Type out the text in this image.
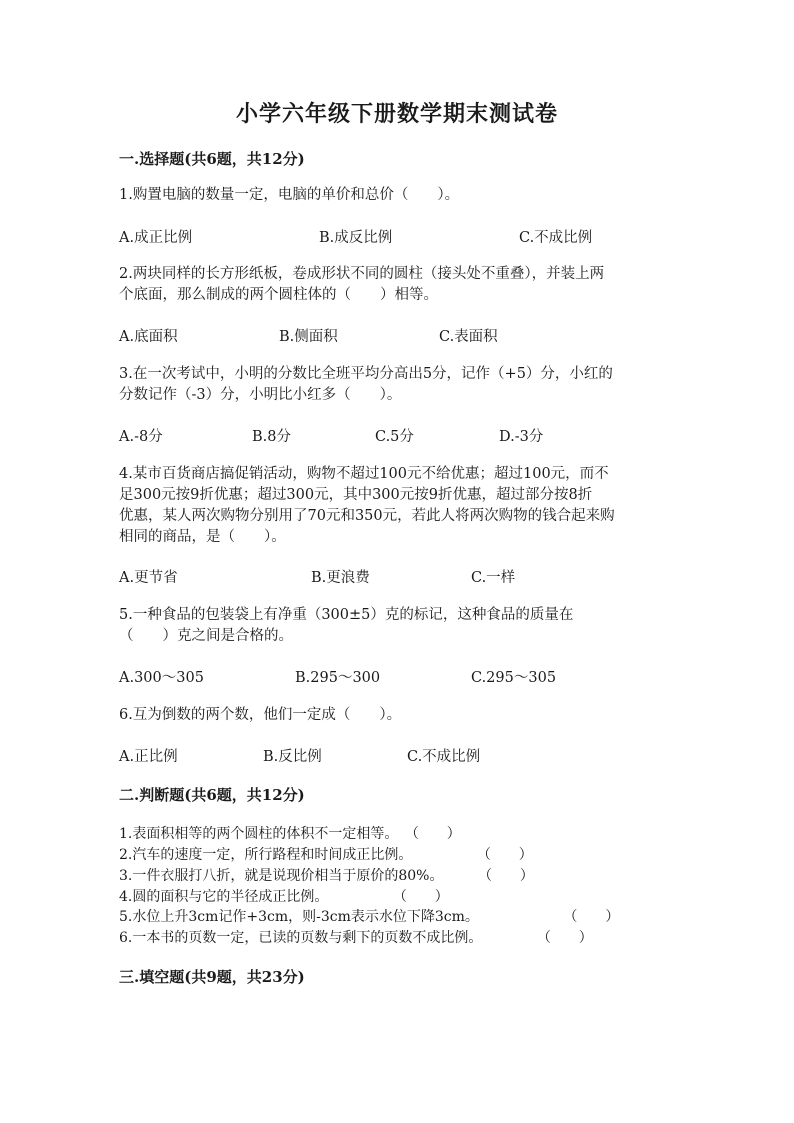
小学六年级下册数学期末测试卷
一.选择题(共6题，共12分)
1.购置电脑的数量一定，电脑的单价和总价（　　）。
A.成正比例	B.成反比例	C.不成比例
2.两块同样的长方形纸板，卷成形状不同的圆柱（接头处不重叠），并装上两
个底面，那么制成的两个圆柱体的（　　）相等。
A.底面积	B.侧面积	C.表面积
3.在一次考试中，小明的分数比全班平均分高出5分，记作（+5）分，小红的
分数记作（-3）分，小明比小红多（　　）。
A.-8分	B.8分	C.5分	D.-3分
4.某市百货商店搞促销活动，购物不超过100元不给优惠；超过100元，而不
足300元按9折优惠；超过300元，其中300元按9折优惠，超过部分按8折
优惠，某人两次购物分别用了70元和350元，若此人将两次购物的钱合起来购
相同的商品，是（　　）。
A.更节省	B.更浪费	C.一样
5.一种食品的包装袋上有净重（300±5）克的标记，这种食品的质量在
（　　）克之间是合格的。
A.300～305	B.295～300	C.295～305
6.互为倒数的两个数，他们一定成（　　）。
A.正比例	B.反比例	C.不成比例
二.判断题(共6题，共12分)
1.表面积相等的两个圆柱的体积不一定相等。 （　　）
2.汽车的速度一定，所行路程和时间成正比例。	（　　）
3.一件衣服打八折，就是说现价相当于原价的80%。 （　　）
4.圆的面积与它的半径成正比例。	（　　）
5.水位上升3cm记作+3cm，则-3cm表示水位下降3cm。	（　　）
6.一本书的页数一定，已读的页数与剩下的页数不成比例。	（　　）
三.填空题(共9题，共23分)
